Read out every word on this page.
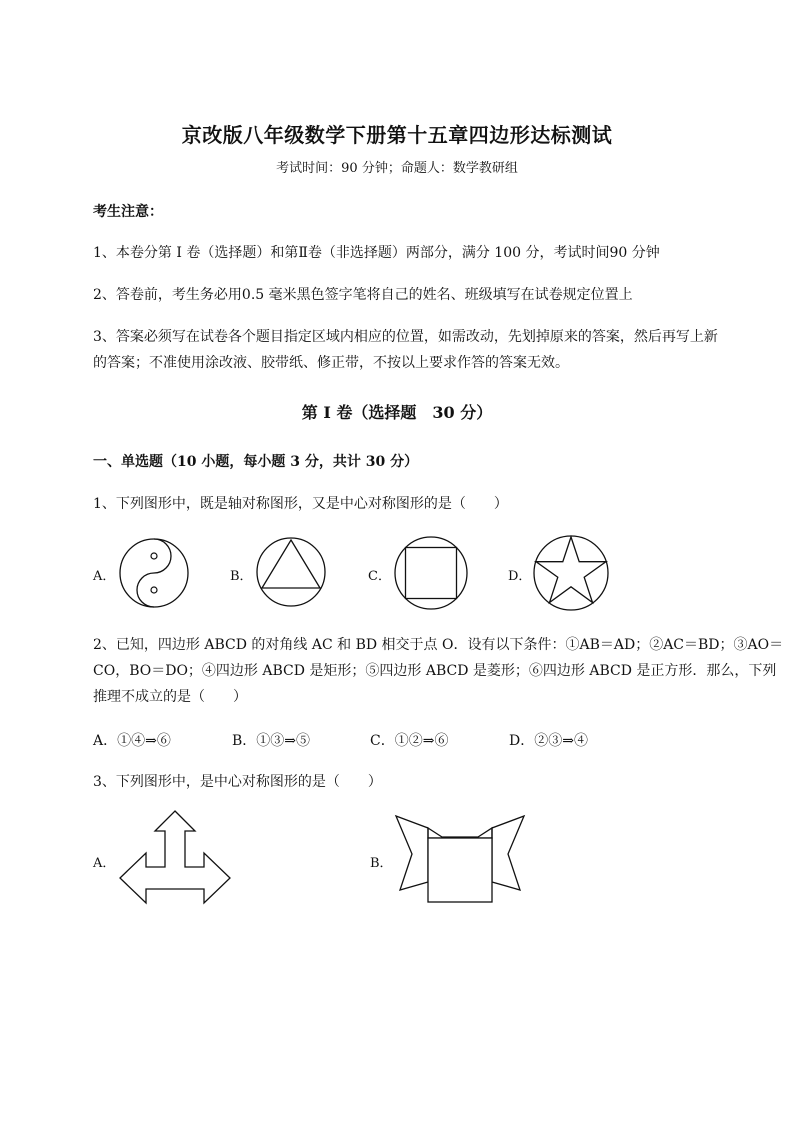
京改版八年级数学下册第十五章四边形达标测试
考试时间：90 分钟；命题人：数学教研组
考生注意：
1、本卷分第 I 卷（选择题）和第Ⅱ卷（非选择题）两部分，满分 100 分，考试时间90 分钟
2、答卷前，考生务必用0.5 毫米黑色签字笔将自己的姓名、班级填写在试卷规定位置上
3、答案必须写在试卷各个题目指定区域内相应的位置，如需改动，先划掉原来的答案，然后再写上新
的答案；不准使用涂改液、胶带纸、修正带，不按以上要求作答的答案无效。
第 I 卷（选择题　30 分）
一、单选题（10 小题，每小题 3 分，共计 30 分）
1、下列图形中，既是轴对称图形，又是中心对称图形的是（　　）
A．	B．	C．	D．
2、已知，四边形 ABCD 的对角线 AC 和 BD 相交于点 O．设有以下条件：①AB＝AD；②AC＝BD；③AO＝
CO，BO＝DO；④四边形 ABCD 是矩形；⑤四边形 ABCD 是菱形；⑥四边形 ABCD 是正方形．那么，下列
推理不成立的是（　　）
A．①④⇒⑥	B．①③⇒⑤	C．①②⇒⑥	D．②③⇒④
3、下列图形中，是中心对称图形的是（　　）
A．	B．
